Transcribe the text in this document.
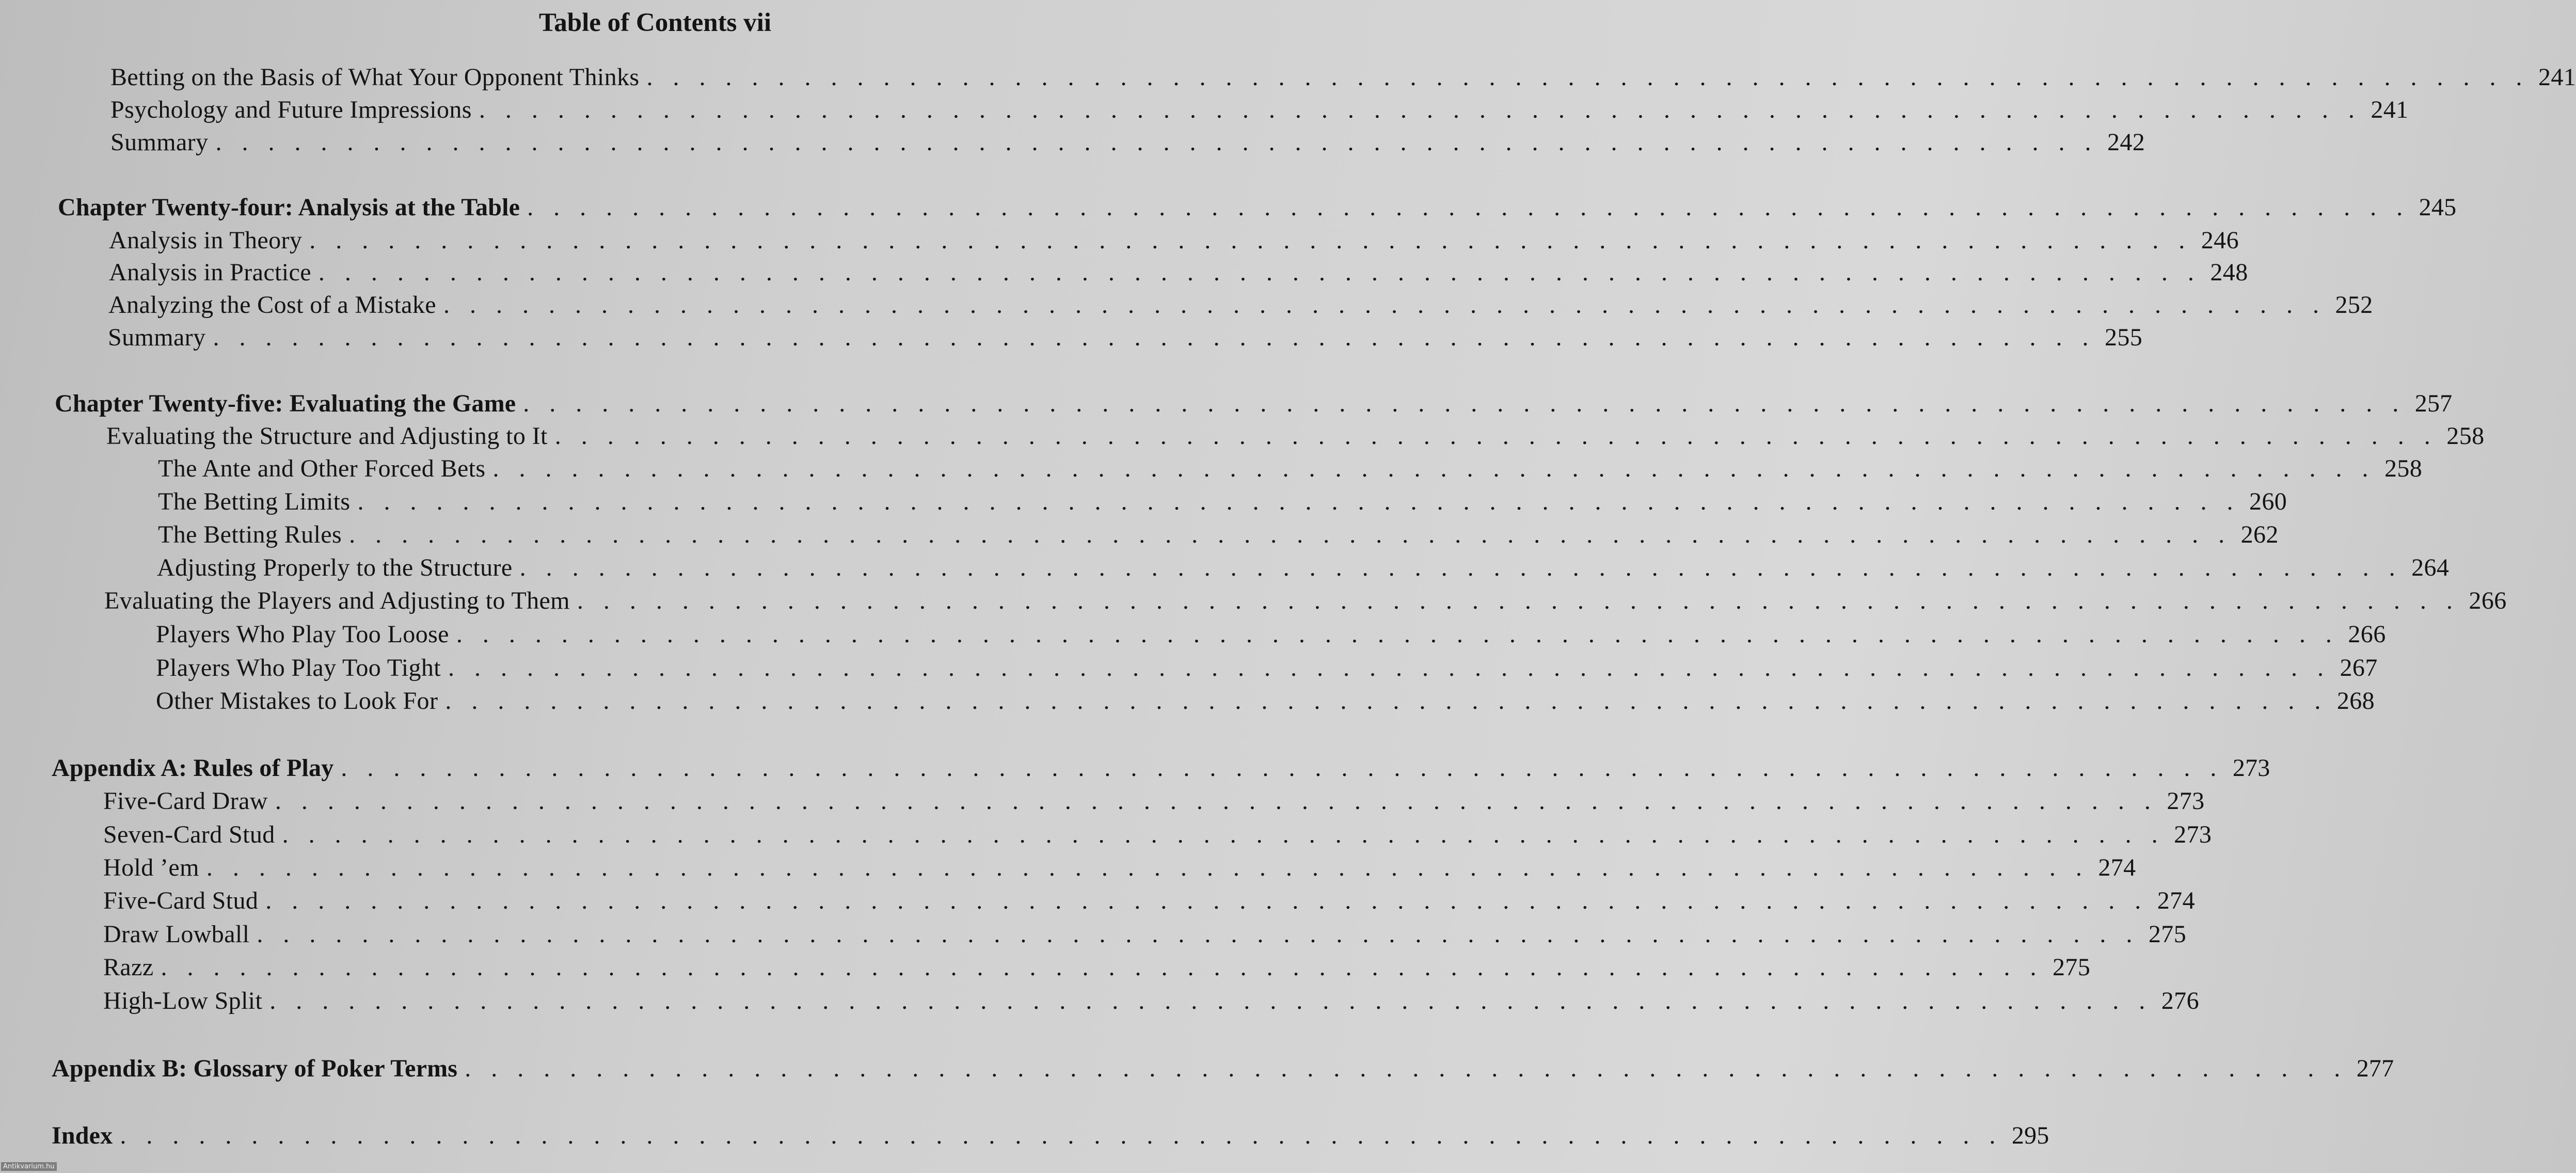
Table of Contents vii
Betting on the Basis of What Your Opponent Thinks . . . . . . . . . . . . . . . . . . . . . . . . . . . . . . . . . . . . . . . . . . . . . . . . . . . . . . . . . . . . . . . . . . . . . . . . 241
Psychology and Future Impressions . . . . . . . . . . . . . . . . . . . . . . . . . . . . . . . . . . . . . . . . . . . . . . . . . . . . . . . . . . . . . . . . . . . . . . . . 241
Summary . . . . . . . . . . . . . . . . . . . . . . . . . . . . . . . . . . . . . . . . . . . . . . . . . . . . . . . . . . . . . . . . . . . . . . . . 242
Chapter Twenty-four: Analysis at the Table . . . . . . . . . . . . . . . . . . . . . . . . . . . . . . . . . . . . . . . . . . . . . . . . . . . . . . . . . . . . . . . . . . . . . . . . 245
Analysis in Theory . . . . . . . . . . . . . . . . . . . . . . . . . . . . . . . . . . . . . . . . . . . . . . . . . . . . . . . . . . . . . . . . . . . . . . . . 246
Analysis in Practice . . . . . . . . . . . . . . . . . . . . . . . . . . . . . . . . . . . . . . . . . . . . . . . . . . . . . . . . . . . . . . . . . . . . . . . . 248
Analyzing the Cost of a Mistake . . . . . . . . . . . . . . . . . . . . . . . . . . . . . . . . . . . . . . . . . . . . . . . . . . . . . . . . . . . . . . . . . . . . . . . . 252
Summary . . . . . . . . . . . . . . . . . . . . . . . . . . . . . . . . . . . . . . . . . . . . . . . . . . . . . . . . . . . . . . . . . . . . . . . . 255
Chapter Twenty-five: Evaluating the Game . . . . . . . . . . . . . . . . . . . . . . . . . . . . . . . . . . . . . . . . . . . . . . . . . . . . . . . . . . . . . . . . . . . . . . . . 257
Evaluating the Structure and Adjusting to It . . . . . . . . . . . . . . . . . . . . . . . . . . . . . . . . . . . . . . . . . . . . . . . . . . . . . . . . . . . . . . . . . . . . . . . . 258
The Ante and Other Forced Bets . . . . . . . . . . . . . . . . . . . . . . . . . . . . . . . . . . . . . . . . . . . . . . . . . . . . . . . . . . . . . . . . . . . . . . . . 258
The Betting Limits . . . . . . . . . . . . . . . . . . . . . . . . . . . . . . . . . . . . . . . . . . . . . . . . . . . . . . . . . . . . . . . . . . . . . . . . 260
The Betting Rules . . . . . . . . . . . . . . . . . . . . . . . . . . . . . . . . . . . . . . . . . . . . . . . . . . . . . . . . . . . . . . . . . . . . . . . . 262
Adjusting Properly to the Structure . . . . . . . . . . . . . . . . . . . . . . . . . . . . . . . . . . . . . . . . . . . . . . . . . . . . . . . . . . . . . . . . . . . . . . . . 264
Evaluating the Players and Adjusting to Them . . . . . . . . . . . . . . . . . . . . . . . . . . . . . . . . . . . . . . . . . . . . . . . . . . . . . . . . . . . . . . . . . . . . . . . . 266
Players Who Play Too Loose . . . . . . . . . . . . . . . . . . . . . . . . . . . . . . . . . . . . . . . . . . . . . . . . . . . . . . . . . . . . . . . . . . . . . . . . 266
Players Who Play Too Tight . . . . . . . . . . . . . . . . . . . . . . . . . . . . . . . . . . . . . . . . . . . . . . . . . . . . . . . . . . . . . . . . . . . . . . . . 267
Other Mistakes to Look For . . . . . . . . . . . . . . . . . . . . . . . . . . . . . . . . . . . . . . . . . . . . . . . . . . . . . . . . . . . . . . . . . . . . . . . . 268
Appendix A: Rules of Play . . . . . . . . . . . . . . . . . . . . . . . . . . . . . . . . . . . . . . . . . . . . . . . . . . . . . . . . . . . . . . . . . . . . . . . . 273
Five-Card Draw . . . . . . . . . . . . . . . . . . . . . . . . . . . . . . . . . . . . . . . . . . . . . . . . . . . . . . . . . . . . . . . . . . . . . . . . 273
Seven-Card Stud . . . . . . . . . . . . . . . . . . . . . . . . . . . . . . . . . . . . . . . . . . . . . . . . . . . . . . . . . . . . . . . . . . . . . . . . 273
Hold ’em . . . . . . . . . . . . . . . . . . . . . . . . . . . . . . . . . . . . . . . . . . . . . . . . . . . . . . . . . . . . . . . . . . . . . . . . 274
Five-Card Stud . . . . . . . . . . . . . . . . . . . . . . . . . . . . . . . . . . . . . . . . . . . . . . . . . . . . . . . . . . . . . . . . . . . . . . . . 274
Draw Lowball . . . . . . . . . . . . . . . . . . . . . . . . . . . . . . . . . . . . . . . . . . . . . . . . . . . . . . . . . . . . . . . . . . . . . . . . 275
Razz . . . . . . . . . . . . . . . . . . . . . . . . . . . . . . . . . . . . . . . . . . . . . . . . . . . . . . . . . . . . . . . . . . . . . . . . 275
High-Low Split . . . . . . . . . . . . . . . . . . . . . . . . . . . . . . . . . . . . . . . . . . . . . . . . . . . . . . . . . . . . . . . . . . . . . . . . 276
Appendix B: Glossary of Poker Terms . . . . . . . . . . . . . . . . . . . . . . . . . . . . . . . . . . . . . . . . . . . . . . . . . . . . . . . . . . . . . . . . . . . . . . . . 277
Index . . . . . . . . . . . . . . . . . . . . . . . . . . . . . . . . . . . . . . . . . . . . . . . . . . . . . . . . . . . . . . . . . . . . . . . . 295
Antikvarium.hu
